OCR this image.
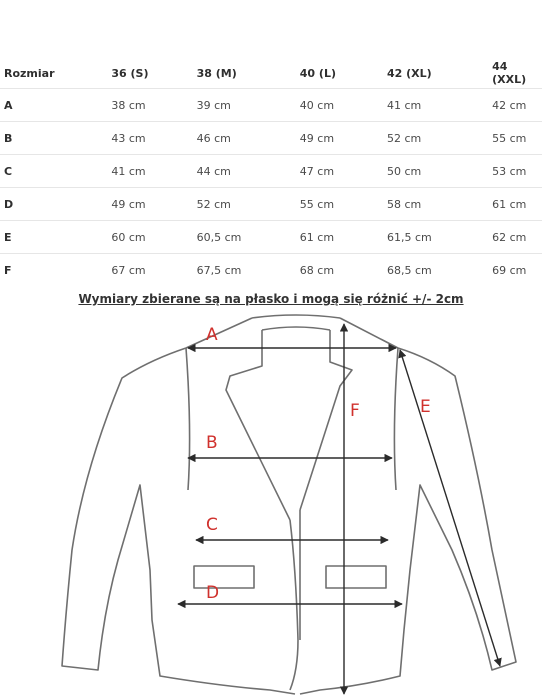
Rozmiar	36 (S)	38 (M)	40 (L)	42 (XL)	44 (XXL)
A	38 cm	39 cm	40 cm	41 cm	42 cm
B	43 cm	46 cm	49 cm	52 cm	55 cm
C	41 cm	44 cm	47 cm	50 cm	53 cm
D	49 cm	52 cm	55 cm	58 cm	61 cm
E	60 cm	60,5 cm	61 cm	61,5 cm	62 cm
F	67 cm	67,5 cm	68 cm	68,5 cm	69 cm
Wymiary zbierane są na płasko i mogą się różnić +/- 2cm
A
B
C
D
E
F
